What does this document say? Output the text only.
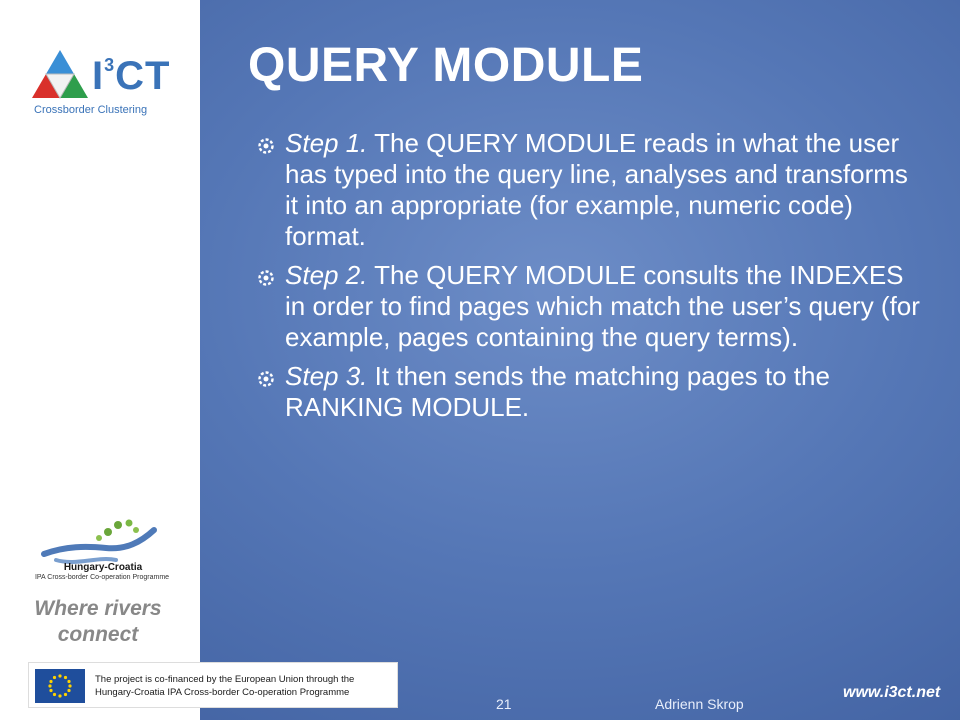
$I^3CT$
Crossborder Clustering
Hungary-Croatia
IPA Cross-border Co-operation Programme
Where rivers
connect
The project is co-financed by the European Union through the
Hungary-Croatia IPA Cross-border Co-operation Programme
QUERY MODULE
Step 1. The QUERY MODULE reads in what the user has typed into the query line, analyses and transforms it into an appropriate (for example, numeric code) format.
Step 2. The QUERY MODULE consults the INDEXES in order to find pages which match the user’s query (for example, pages containing the query terms).
Step 3. It then sends the matching pages to the RANKING MODULE.
21	Adrienn Skrop
www.i3ct.net
